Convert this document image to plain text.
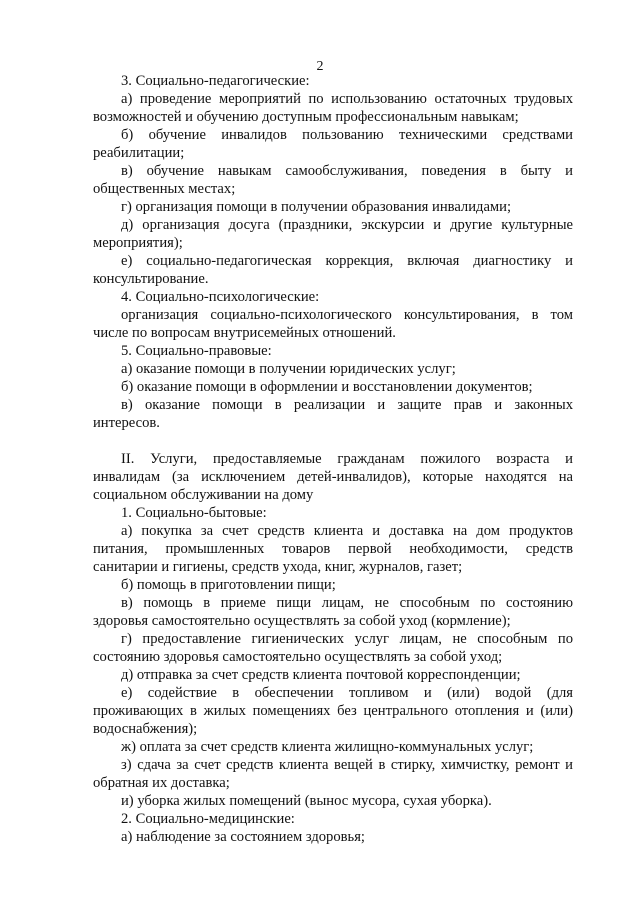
2
3. Социально-педагогические:
а) проведение мероприятий по использованию остаточных трудовых
возможностей и обучению доступным профессиональным навыкам;
б) обучение инвалидов пользованию техническими средствами
реабилитации;
в) обучение навыкам самообслуживания, поведения в быту и
общественных местах;
г) организация помощи в получении образования инвалидами;
д) организация досуга (праздники, экскурсии и другие культурные
мероприятия);
е) социально-педагогическая коррекция, включая диагностику и
консультирование.
4. Социально-психологические:
организация социально-психологического консультирования, в том
числе по вопросам внутрисемейных отношений.
5. Социально-правовые:
а) оказание помощи в получении юридических услуг;
б) оказание помощи в оформлении и восстановлении документов;
в) оказание помощи в реализации и защите прав и законных
интересов.
II. Услуги, предоставляемые гражданам пожилого возраста и
инвалидам (за исключением детей-инвалидов), которые находятся на
социальном обслуживании на дому
1. Социально-бытовые:
а) покупка за счет средств клиента и доставка на дом продуктов
питания, промышленных товаров первой необходимости, средств
санитарии и гигиены, средств ухода, книг, журналов, газет;
б) помощь в приготовлении пищи;
в) помощь в приеме пищи лицам, не способным по состоянию
здоровья самостоятельно осуществлять за собой уход (кормление);
г) предоставление гигиенических услуг лицам, не способным по
состоянию здоровья самостоятельно осуществлять за собой уход;
д) отправка за счет средств клиента почтовой корреспонденции;
е) содействие в обеспечении топливом и (или) водой (для
проживающих в жилых помещениях без центрального отопления и (или)
водоснабжения);
ж) оплата за счет средств клиента жилищно-коммунальных услуг;
з) сдача за счет средств клиента вещей в стирку, химчистку, ремонт и
обратная их доставка;
и) уборка жилых помещений (вынос мусора, сухая уборка).
2. Социально-медицинские:
а) наблюдение за состоянием здоровья;
